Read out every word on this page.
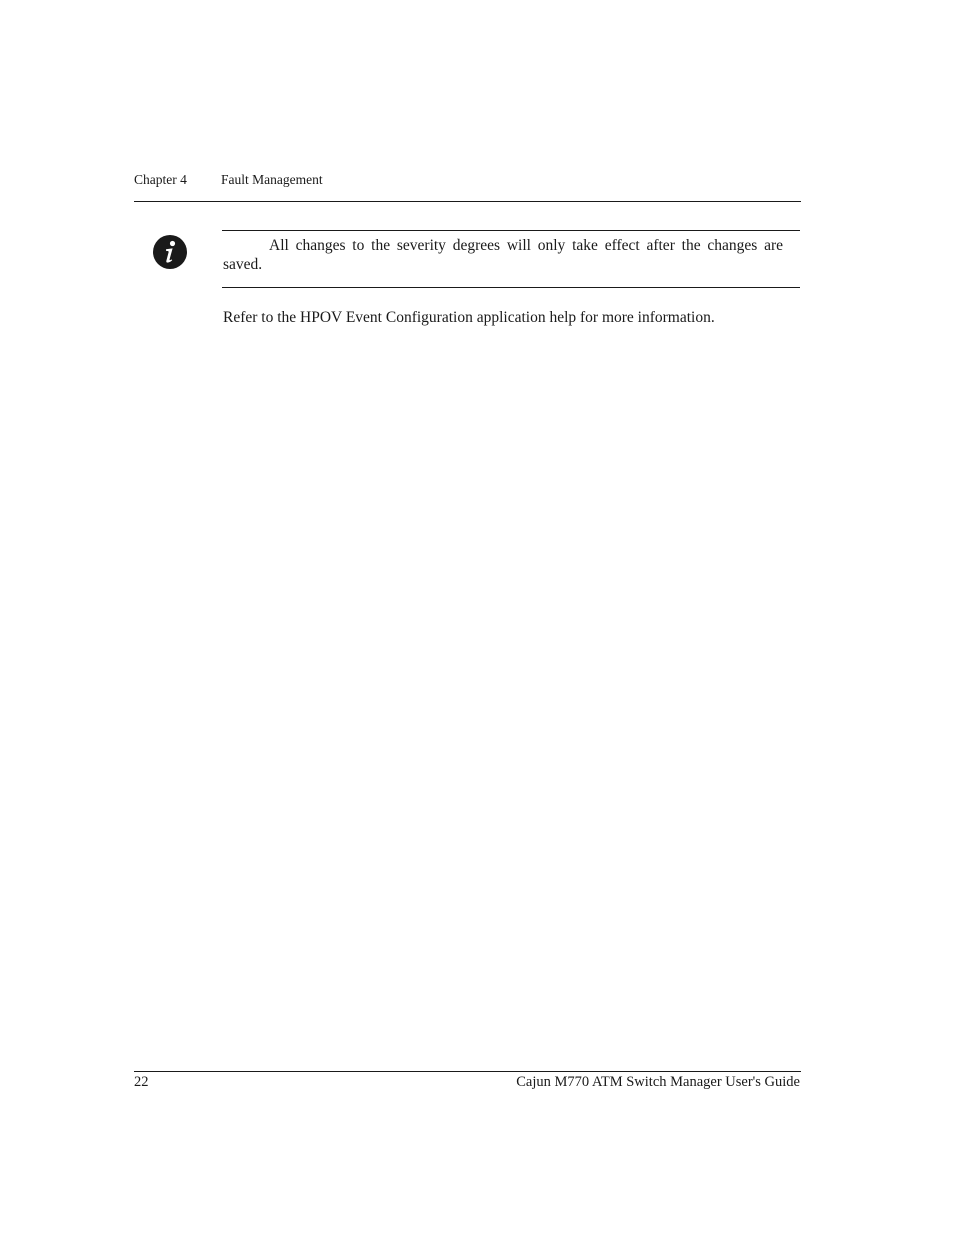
Chapter 4	Fault Management
All changes to the severity degrees will only take effect after the changes are saved.
Refer to the HPOV Event Configuration application help for more information.
22	Cajun M770 ATM Switch Manager User's Guide
